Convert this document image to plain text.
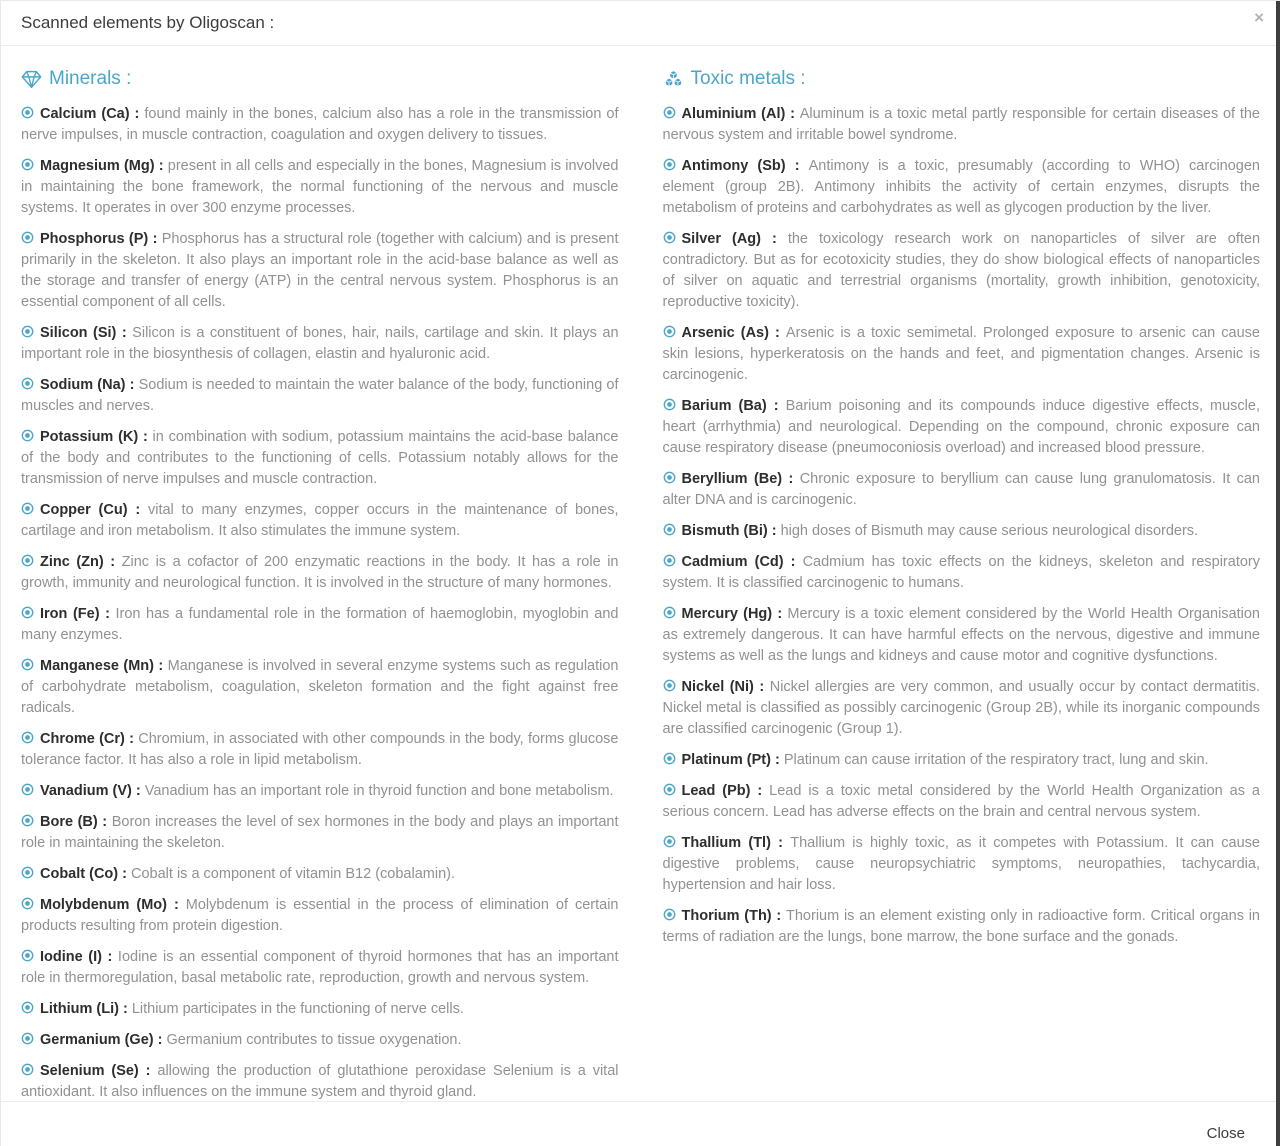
Scanned elements by Oligoscan :	×
Minerals :

Calcium (Ca) : found mainly in the bones, calcium also has a role in the transmission of nerve impulses, in muscle contraction, coagulation and oxygen delivery to tissues.

Magnesium (Mg) : present in all cells and especially in the bones, Magnesium is involved in maintaining the bone framework, the normal functioning of the nervous and muscle systems. It operates in over 300 enzyme processes.

Phosphorus (P) : Phosphorus has a structural role (together with calcium) and is present primarily in the skeleton. It also plays an important role in the acid-base balance as well as the storage and transfer of energy (ATP) in the central nervous system. Phosphorus is an essential component of all cells.

Silicon (Si) : Silicon is a constituent of bones, hair, nails, cartilage and skin. It plays an important role in the biosynthesis of collagen, elastin and hyaluronic acid.

Sodium (Na) : Sodium is needed to maintain the water balance of the body, functioning of muscles and nerves.

Potassium (K) : in combination with sodium, potassium maintains the acid-base balance of the body and contributes to the functioning of cells. Potassium notably allows for the transmission of nerve impulses and muscle contraction.

Copper (Cu) : vital to many enzymes, copper occurs in the maintenance of bones, cartilage and iron metabolism. It also stimulates the immune system.

Zinc (Zn) : Zinc is a cofactor of 200 enzymatic reactions in the body. It has a role in growth, immunity and neurological function. It is involved in the structure of many hormones.

Iron (Fe) : Iron has a fundamental role in the formation of haemoglobin, myoglobin and many enzymes.

Manganese (Mn) : Manganese is involved in several enzyme systems such as regulation of carbohydrate metabolism, coagulation, skeleton formation and the fight against free radicals.

Chrome (Cr) : Chromium, in associated with other compounds in the body, forms glucose tolerance factor. It has also a role in lipid metabolism.

Vanadium (V) : Vanadium has an important role in thyroid function and bone metabolism.

Bore (B) : Boron increases the level of sex hormones in the body and plays an important role in maintaining the skeleton.

Cobalt (Co) : Cobalt is a component of vitamin B12 (cobalamin).

Molybdenum (Mo) : Molybdenum is essential in the process of elimination of certain products resulting from protein digestion.

Iodine (I) : Iodine is an essential component of thyroid hormones that has an important role in thermoregulation, basal metabolic rate, reproduction, growth and nervous system.

Lithium (Li) : Lithium participates in the functioning of nerve cells.

Germanium (Ge) : Germanium contributes to tissue oxygenation.

Selenium (Se) : allowing the production of glutathione peroxidase Selenium is a vital antioxidant. It also influences on the immune system and thyroid gland.

Toxic metals :

Aluminium (Al) : Aluminum is a toxic metal partly responsible for certain diseases of the nervous system and irritable bowel syndrome.

Antimony (Sb) : Antimony is a toxic, presumably (according to WHO) carcinogen element (group 2B). Antimony inhibits the activity of certain enzymes, disrupts the metabolism of proteins and carbohydrates as well as glycogen production by the liver.

Silver (Ag) : the toxicology research work on nanoparticles of silver are often contradictory. But as for ecotoxicity studies, they do show biological effects of nanoparticles of silver on aquatic and terrestrial organisms (mortality, growth inhibition, genotoxicity, reproductive toxicity).

Arsenic (As) : Arsenic is a toxic semimetal. Prolonged exposure to arsenic can cause skin lesions, hyperkeratosis on the hands and feet, and pigmentation changes. Arsenic is carcinogenic.

Barium (Ba) : Barium poisoning and its compounds induce digestive effects, muscle, heart (arrhythmia) and neurological. Depending on the compound, chronic exposure can cause respiratory disease (pneumoconiosis overload) and increased blood pressure.

Beryllium (Be) : Chronic exposure to beryllium can cause lung granulomatosis. It can alter DNA and is carcinogenic.

Bismuth (Bi) : high doses of Bismuth may cause serious neurological disorders.

Cadmium (Cd) : Cadmium has toxic effects on the kidneys, skeleton and respiratory system. It is classified carcinogenic to humans.

Mercury (Hg) : Mercury is a toxic element considered by the World Health Organisation as extremely dangerous. It can have harmful effects on the nervous, digestive and immune systems as well as the lungs and kidneys and cause motor and cognitive dysfunctions.

Nickel (Ni) : Nickel allergies are very common, and usually occur by contact dermatitis. Nickel metal is classified as possibly carcinogenic (Group 2B), while its inorganic compounds are classified carcinogenic (Group 1).

Platinum (Pt) : Platinum can cause irritation of the respiratory tract, lung and skin.

Lead (Pb) : Lead is a toxic metal considered by the World Health Organization as a serious concern. Lead has adverse effects on the brain and central nervous system.

Thallium (Tl) : Thallium is highly toxic, as it competes with Potassium. It can cause digestive problems, cause neuropsychiatric symptoms, neuropathies, tachycardia, hypertension and hair loss.

Thorium (Th) : Thorium is an element existing only in radioactive form. Critical organs in terms of radiation are the lungs, bone marrow, the bone surface and the gonads.

Close
